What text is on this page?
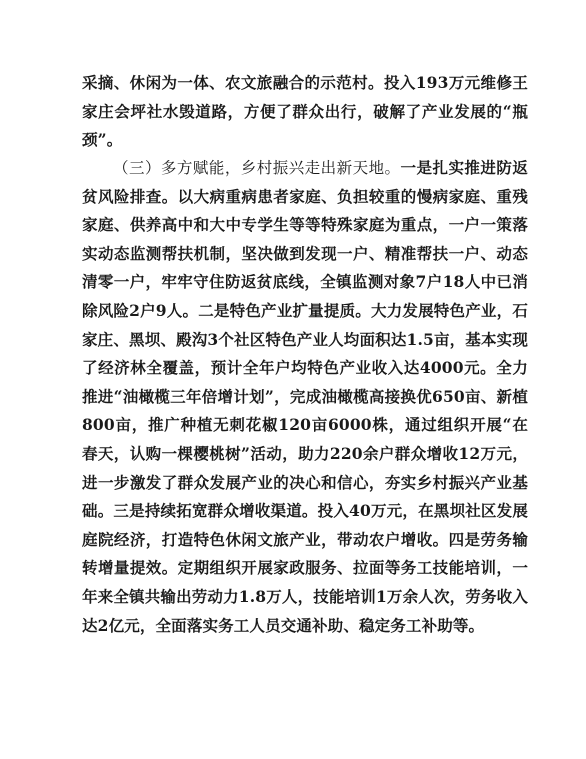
采摘、休闲为一体、农文旅融合的示范村。投入193万元维修王家庄会坪社水毁道路，方便了群众出行，破解了产业发展的“瓶颈”。

（三）多方赋能，乡村振兴走出新天地。一是扎实推进防返贫风险排查。以大病重病患者家庭、负担较重的慢病家庭、重残家庭、供养高中和大中专学生等等特殊家庭为重点，一户一策落实动态监测帮扶机制，坚决做到发现一户、精准帮扶一户、动态清零一户，牢牢守住防返贫底线，全镇监测对象7户18人中已消除风险2户9人。二是特色产业扩量提质。大力发展特色产业，石家庄、黑坝、殿沟3个社区特色产业人均面积达1.5亩，基本实现了经济林全覆盖，预计全年户均特色产业收入达4000元。全力推进“油橄榄三年倍增计划”，完成油橄榄高接换优650亩、新植800亩，推广种植无刺花椒120亩6000株，通过组织开展“在春天，认购一棵樱桃树”活动，助力220余户群众增收12万元，进一步激发了群众发展产业的决心和信心，夯实乡村振兴产业基础。三是持续拓宽群众增收渠道。投入40万元，在黑坝社区发展庭院经济，打造特色休闲文旅产业，带动农户增收。四是劳务输转增量提效。定期组织开展家政服务、拉面等务工技能培训，一年来全镇共输出劳动力1.8万人，技能培训1万余人次，劳务收入达2亿元，全面落实务工人员交通补助、稳定务工补助等。
